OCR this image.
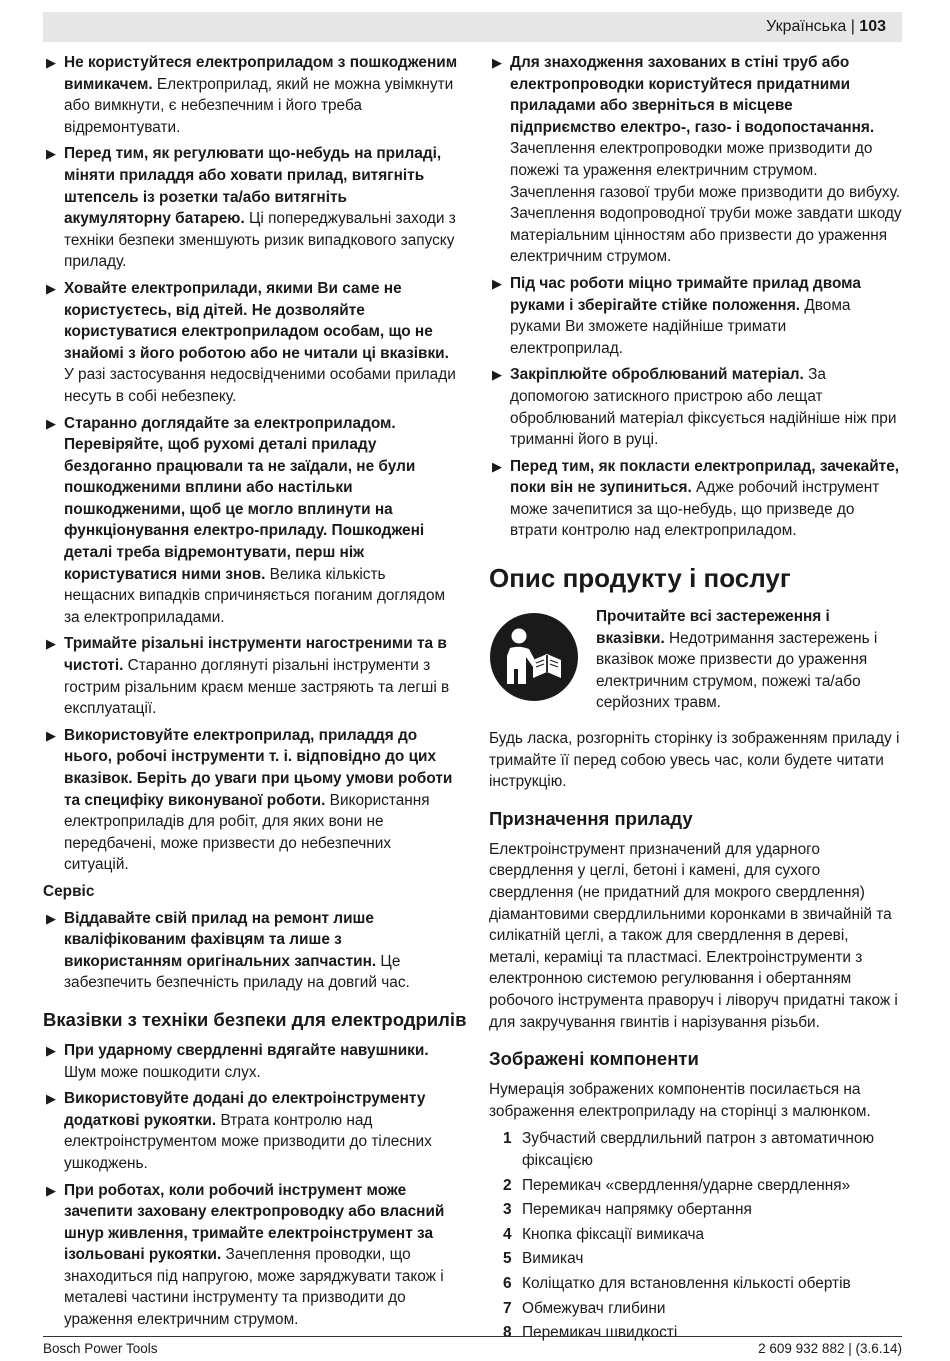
Українська | 103
▶ Не користуйтеся електроприладом з пошкодженим вимикачем. Електроприлад, який не можна увімкнути або вимкнути, є небезпечним і його треба відремонтувати.
▶ Перед тим, як регулювати що-небудь на приладі, міняти приладдя або ховати прилад, витягніть штепсель із розетки та/або витягніть акумуляторну батарею. Ці попереджувальні заходи з техніки безпеки зменшують ризик випадкового запуску приладу.
▶ Ховайте електроприлади, якими Ви саме не користуєтесь, від дітей. Не дозволяйте користуватися електроприладом особам, що не знайомі з його роботою або не читали ці вказівки. У разі застосування недосвідченими особами прилади несуть в собі небезпеку.
▶ Старанно доглядайте за електроприладом. Перевіряйте, щоб рухомі деталі приладу бездоганно працювали та не заїдали, не були пошкодженими вплини або настільки пошкодженими, щоб це могло вплинути на функціонування електро-приладу. Пошкоджені деталі треба відремонтувати, перш ніж користуватися ними знов. Велика кількість нещасних випадків спричиняється поганим доглядом за електроприладами.
▶ Тримайте різальні інструменти нагостреними та в чистоті. Старанно доглянуті різальні інструменти з гострим різальним краєм менше застряють та легші в експлуатації.
▶ Використовуйте електроприлад, приладдя до нього, робочі інструменти т. і. відповідно до цих вказівок. Беріть до уваги при цьому умови роботи та специфіку виконуваної роботи. Використання електроприладів для робіт, для яких вони не передбачені, може призвести до небезпечних ситуацій.
Сервіс
▶ Віддавайте свій прилад на ремонт лише кваліфікованим фахівцям та лише з використанням оригінальних запчастин. Це забезпечить безпечність приладу на довгий час.
Вказівки з техніки безпеки для електродрилів
▶ При ударному свердленні вдягайте навушники. Шум може пошкодити слух.
▶ Використовуйте додані до електроінструменту додаткові рукоятки. Втрата контролю над електроінструментом може призводити до тілесних ушкоджень.
▶ При роботах, коли робочий інструмент може зачепити заховану електропроводку або власний шнур живлення, тримайте електроінструмент за ізольовані рукоятки. Зачеплення проводки, що знаходиться під напругою, може заряджувати також і металеві частини інструменту та призводити до ураження електричним струмом.
▶ Для знаходження захованих в стіні труб або електропроводки користуйтеся придатними приладами або зверніться в місцеве підприємство електро-, газо- і водопостачання. Зачеплення електропроводки може призводити до пожежі та ураження електричним струмом. Зачеплення газової труби може призводити до вибуху. Зачеплення водопроводної труби може завдати шкоду матеріальним цінностям або призвести до ураження електричним струмом.
▶ Під час роботи міцно тримайте прилад двома руками і зберігайте стійке положення. Двома руками Ви зможете надійніше тримати електроприлад.
▶ Закріплюйте оброблюваний матеріал. За допомогою затискного пристрою або лещат оброблюваний матеріал фіксується надійніше ніж при триманні його в руці.
▶ Перед тим, як покласти електроприлад, зачекайте, поки він не зупиниться. Адже робочий інструмент може зачепитися за що-небудь, що призведе до втрати контролю над електроприладом.
Опис продукту і послуг
Прочитайте всі застереження і вказівки. Недотримання застережень і вказівок може призвести до ураження електричним струмом, пожежі та/або серйозних травм.
Будь ласка, розгорніть сторінку із зображенням приладу і тримайте її перед собою увесь час, коли будете читати інструкцію.
Призначення приладу
Електроінструмент призначений для ударного свердлення у цеглі, бетоні і камені, для сухого свердлення (не придатний для мокрого свердлення) діамантовими свердлильними коронками в звичайній та силікатній цеглі, а також для свердлення в дереві, металі, кераміці та пластмасі. Електроінструменти з електронною системою регулювання і обертанням робочого інструмента праворуч і ліворуч придатні також і для закручування гвинтів і нарізування різьби.
Зображені компоненти
Нумерація зображених компонентів посилається на зображення електроприладу на сторінці з малюнком.
1 Зубчастий свердлильний патрон з автоматичною фіксацією
2 Перемикач «свердлення/ударне свердлення»
3 Перемикач напрямку обертання
4 Кнопка фіксації вимикача
5 Вимикач
6 Коліщатко для встановлення кількості обертів
7 Обмежувач глибини
8 Перемикач швидкості
Bosch Power Tools	2 609 932 882 | (3.6.14)
